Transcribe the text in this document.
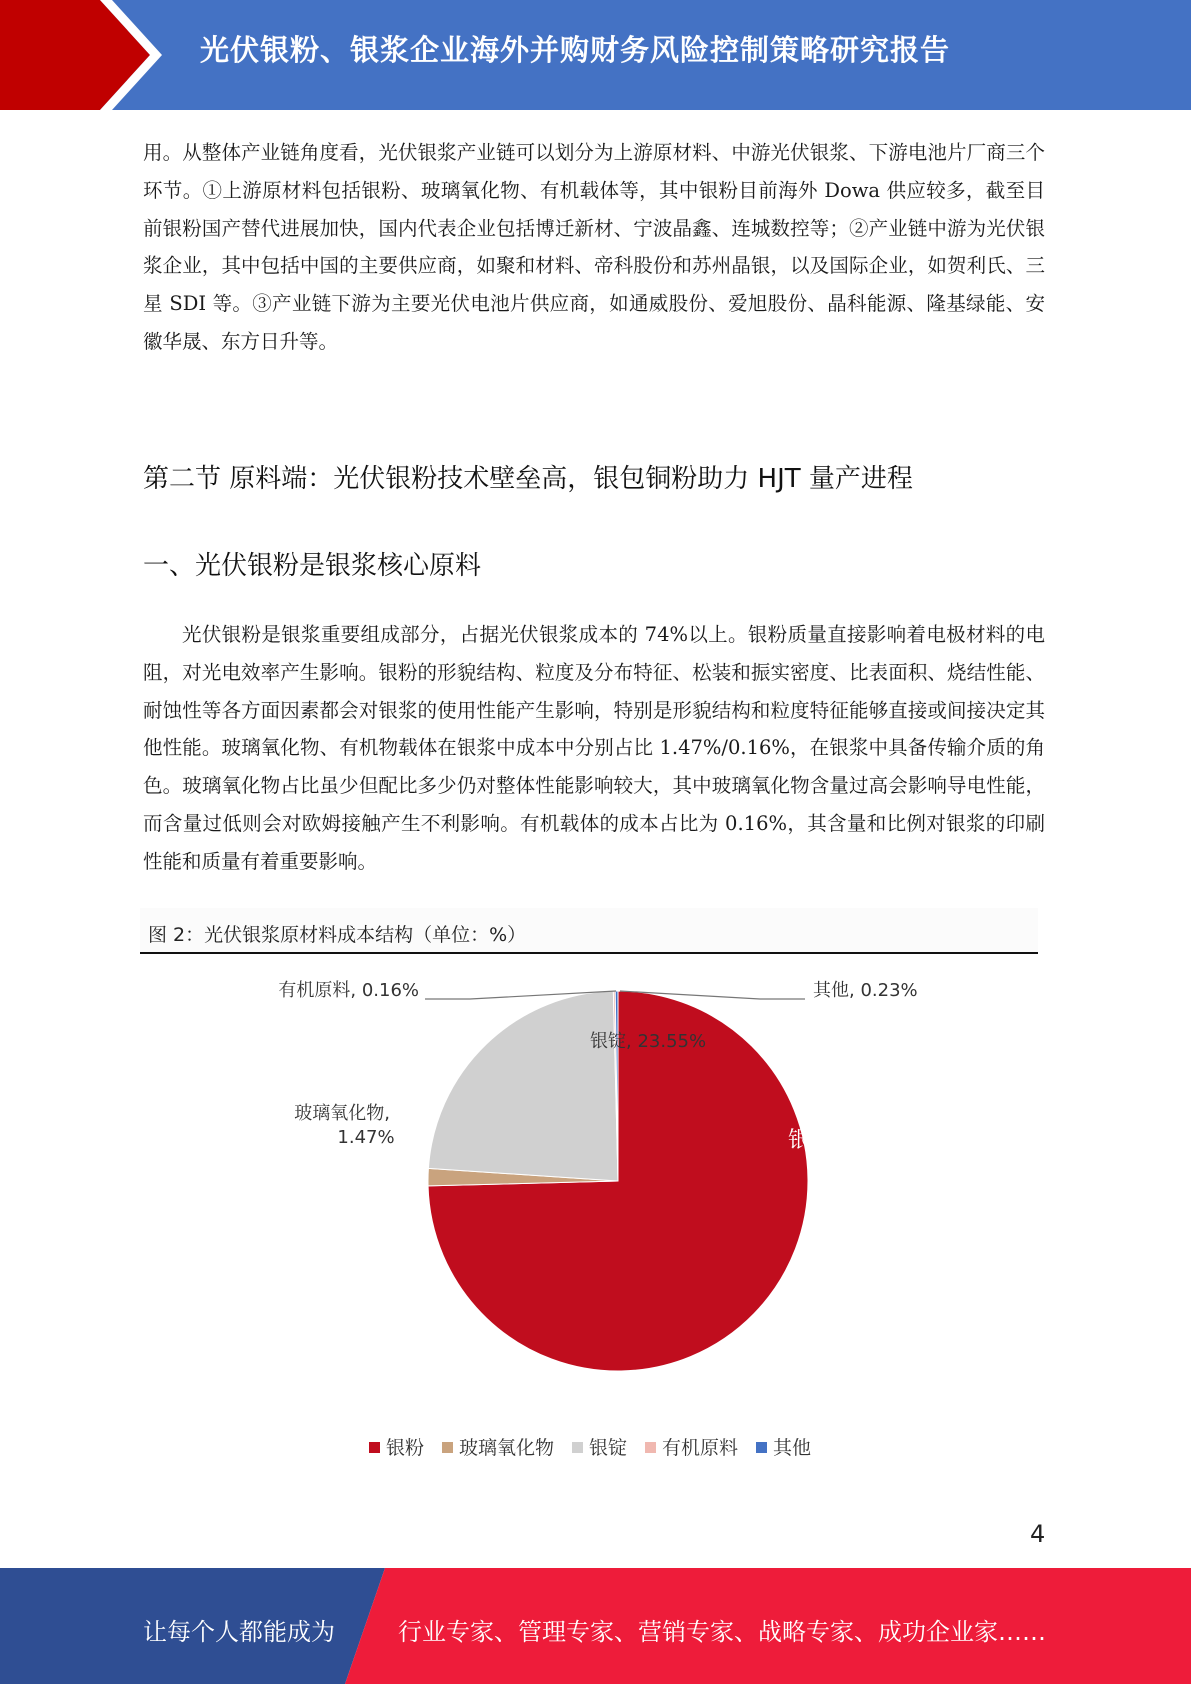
光伏银粉、银浆企业海外并购财务风险控制策略研究报告

用。从整体产业链角度看，光伏银浆产业链可以划分为上游原材料、中游光伏银浆、下游电池片厂商三个环节。①上游原材料包括银粉、玻璃氧化物、有机载体等，其中银粉目前海外 Dowa 供应较多，截至目前银粉国产替代进展加快，国内代表企业包括博迁新材、宁波晶鑫、连城数控等；②产业链中游为光伏银浆企业，其中包括中国的主要供应商，如聚和材料、帝科股份和苏州晶银，以及国际企业，如贺利氏、三星 SDI 等。③产业链下游为主要光伏电池片供应商，如通威股份、爱旭股份、晶科能源、隆基绿能、安徽华晟、东方日升等。

第二节 原料端：光伏银粉技术壁垒高，银包铜粉助力 HJT 量产进程
一、光伏银粉是银浆核心原料

光伏银粉是银浆重要组成部分，占据光伏银浆成本的 74%以上。银粉质量直接影响着电极材料的电阻，对光电效率产生影响。银粉的形貌结构、粒度及分布特征、松装和振实密度、比表面积、烧结性能、耐蚀性等各方面因素都会对银浆的使用性能产生影响，特别是形貌结构和粒度特征能够直接或间接决定其他性能。玻璃氧化物、有机物载体在银浆中成本中分别占比 1.47%/0.16%，在银浆中具备传输介质的角色。玻璃氧化物占比虽少但配比多少仍对整体性能影响较大，其中玻璃氧化物含量过高会影响导电性能，而含量过低则会对欧姆接触产生不利影响。有机载体的成本占比为 0.16%，其含量和比例对银浆的印刷性能和质量有着重要影响。

图 2：光伏银浆原材料成本结构（单位：%）
银粉, 74.58%
玻璃氧化物,
1.47%
银锭, 23.55%
有机原料, 0.16%	其他, 0.23%
银粉 玻璃氧化物 银锭 有机原料 其他
4
让每个人都能成为	行业专家、管理专家、营销专家、战略专家、成功企业家……
